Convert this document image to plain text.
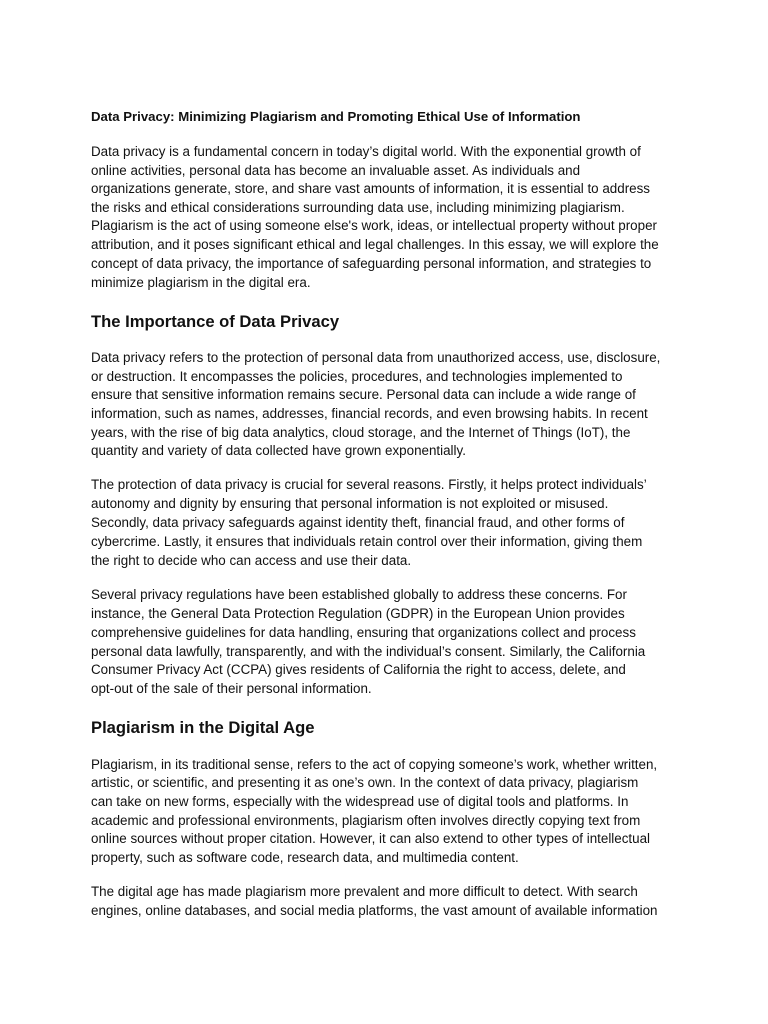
Data Privacy: Minimizing Plagiarism and Promoting Ethical Use of Information
Data privacy is a fundamental concern in today’s digital world. With the exponential growth of
online activities, personal data has become an invaluable asset. As individuals and
organizations generate, store, and share vast amounts of information, it is essential to address
the risks and ethical considerations surrounding data use, including minimizing plagiarism.
Plagiarism is the act of using someone else's work, ideas, or intellectual property without proper
attribution, and it poses significant ethical and legal challenges. In this essay, we will explore the
concept of data privacy, the importance of safeguarding personal information, and strategies to
minimize plagiarism in the digital era.
The Importance of Data Privacy
Data privacy refers to the protection of personal data from unauthorized access, use, disclosure,
or destruction. It encompasses the policies, procedures, and technologies implemented to
ensure that sensitive information remains secure. Personal data can include a wide range of
information, such as names, addresses, financial records, and even browsing habits. In recent
years, with the rise of big data analytics, cloud storage, and the Internet of Things (IoT), the
quantity and variety of data collected have grown exponentially.
The protection of data privacy is crucial for several reasons. Firstly, it helps protect individuals’
autonomy and dignity by ensuring that personal information is not exploited or misused.
Secondly, data privacy safeguards against identity theft, financial fraud, and other forms of
cybercrime. Lastly, it ensures that individuals retain control over their information, giving them
the right to decide who can access and use their data.
Several privacy regulations have been established globally to address these concerns. For
instance, the General Data Protection Regulation (GDPR) in the European Union provides
comprehensive guidelines for data handling, ensuring that organizations collect and process
personal data lawfully, transparently, and with the individual’s consent. Similarly, the California
Consumer Privacy Act (CCPA) gives residents of California the right to access, delete, and
opt-out of the sale of their personal information.
Plagiarism in the Digital Age
Plagiarism, in its traditional sense, refers to the act of copying someone’s work, whether written,
artistic, or scientific, and presenting it as one’s own. In the context of data privacy, plagiarism
can take on new forms, especially with the widespread use of digital tools and platforms. In
academic and professional environments, plagiarism often involves directly copying text from
online sources without proper citation. However, it can also extend to other types of intellectual
property, such as software code, research data, and multimedia content.
The digital age has made plagiarism more prevalent and more difficult to detect. With search
engines, online databases, and social media platforms, the vast amount of available information
